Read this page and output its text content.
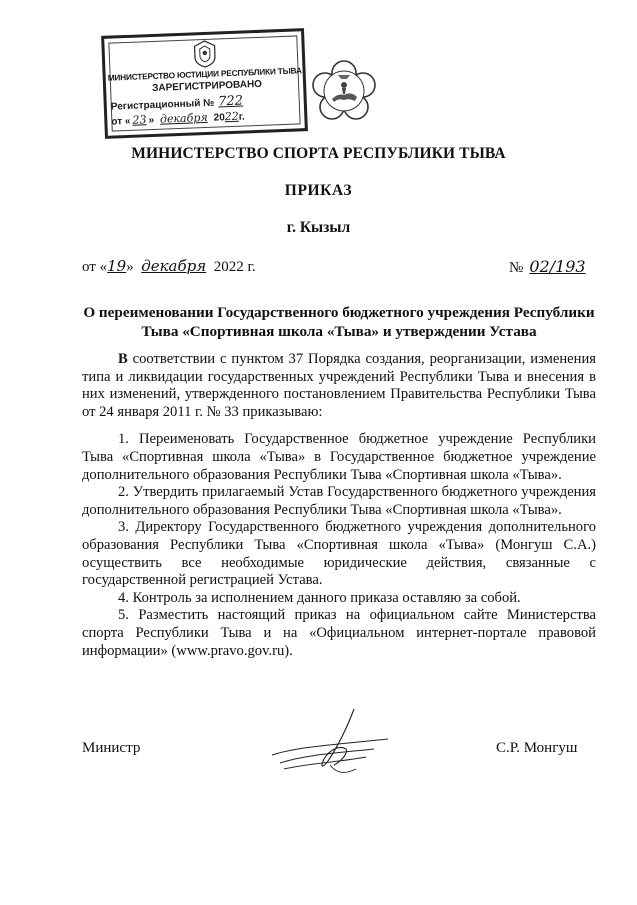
МИНИСТЕРСТВО ЮСТИЦИИ РЕСПУБЛИКИ ТЫВА
ЗАРЕГИСТРИРОВАНО
Регистрационный № 722
от «23 » декабря 2022г.
МИНИСТЕРСТВО СПОРТА РЕСПУБЛИКИ ТЫВА
ПРИКАЗ
г. Кызыл
от «19» декабря 2022 г.	№ 02/193
О переименовании Государственного бюджетного учреждения Республики Тыва «Спортивная школа «Тыва» и утверждении Устава

В соответствии с пунктом 37 Порядка создания, реорганизации, изменения типа и ликвидации государственных учреждений Республики Тыва и внесения в них изменений, утвержденного постановлением Правительства Республики Тыва от 24 января 2011 г. № 33 приказываю:

1. Переименовать Государственное бюджетное учреждение Республики Тыва «Спортивная школа «Тыва» в Государственное бюджетное учреждение дополнительного образования Республики Тыва «Спортивная школа «Тыва».

2. Утвердить прилагаемый Устав Государственного бюджетного учреждения дополнительного образования Республики Тыва «Спортивная школа «Тыва».

3. Директору Государственного бюджетного учреждения дополнительного образования Республики Тыва «Спортивная школа «Тыва» (Монгуш С.А.) осуществить все необходимые юридические действия, связанные с государственной регистрацией Устава.

4. Контроль за исполнением данного приказа оставляю за собой.

5. Разместить настоящий приказ на официальном сайте Министерства спорта Республики Тыва и на «Официальном интернет-портале правовой информации» (www.pravo.gov.ru).

Министр	С.Р. Монгуш
